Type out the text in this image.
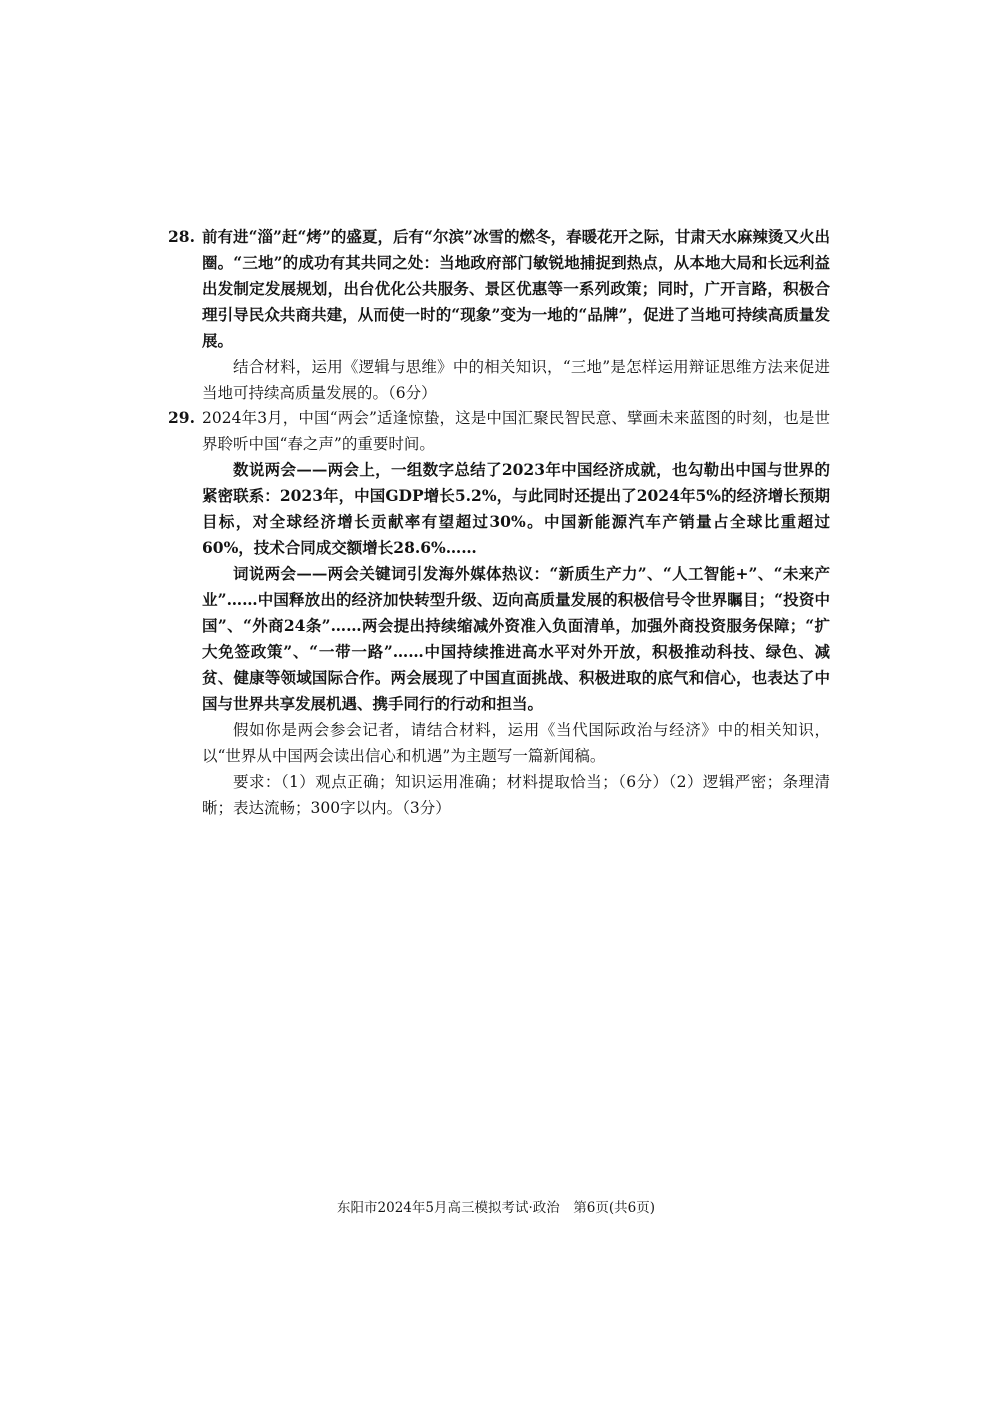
28. 前有进“淄”赶“烤”的盛夏，后有“尔滨”冰雪的燃冬，春暖花开之际，甘肃天水麻辣烫又火出圈。“三地”的成功有其共同之处：当地政府部门敏锐地捕捉到热点，从本地大局和长远利益出发制定发展规划，出台优化公共服务、景区优惠等一系列政策；同时，广开言路，积极合理引导民众共商共建，从而使一时的“现象”变为一地的“品牌”，促进了当地可持续高质量发展。

结合材料，运用《逻辑与思维》中的相关知识，“三地”是怎样运用辩证思维方法来促进当地可持续高质量发展的。（6分）

29. 2024年3月，中国“两会”适逢惊蛰，这是中国汇聚民智民意、擘画未来蓝图的时刻，也是世界聆听中国“春之声”的重要时间。

数说两会——两会上，一组数字总结了2023年中国经济成就，也勾勒出中国与世界的紧密联系：2023年，中国GDP增长5.2%，与此同时还提出了2024年5%的经济增长预期目标，对全球经济增长贡献率有望超过30%。中国新能源汽车产销量占全球比重超过60%，技术合同成交额增长28.6%……

词说两会——两会关键词引发海外媒体热议：“新质生产力”、“人工智能+”、“未来产业”……中国释放出的经济加快转型升级、迈向高质量发展的积极信号令世界瞩目；“投资中国”、“外商24条”……两会提出持续缩减外资准入负面清单，加强外商投资服务保障；“扩大免签政策”、“一带一路”……中国持续推进高水平对外开放，积极推动科技、绿色、减贫、健康等领域国际合作。两会展现了中国直面挑战、积极进取的底气和信心，也表达了中国与世界共享发展机遇、携手同行的行动和担当。

假如你是两会参会记者，请结合材料，运用《当代国际政治与经济》中的相关知识，以“世界从中国两会读出信心和机遇”为主题写一篇新闻稿。

要求：（1）观点正确；知识运用准确；材料提取恰当；（6分）（2）逻辑严密；条理清晰；表达流畅；300字以内。（3分）

东阳市2024年5月高三模拟考试·政治　第6页(共6页)
